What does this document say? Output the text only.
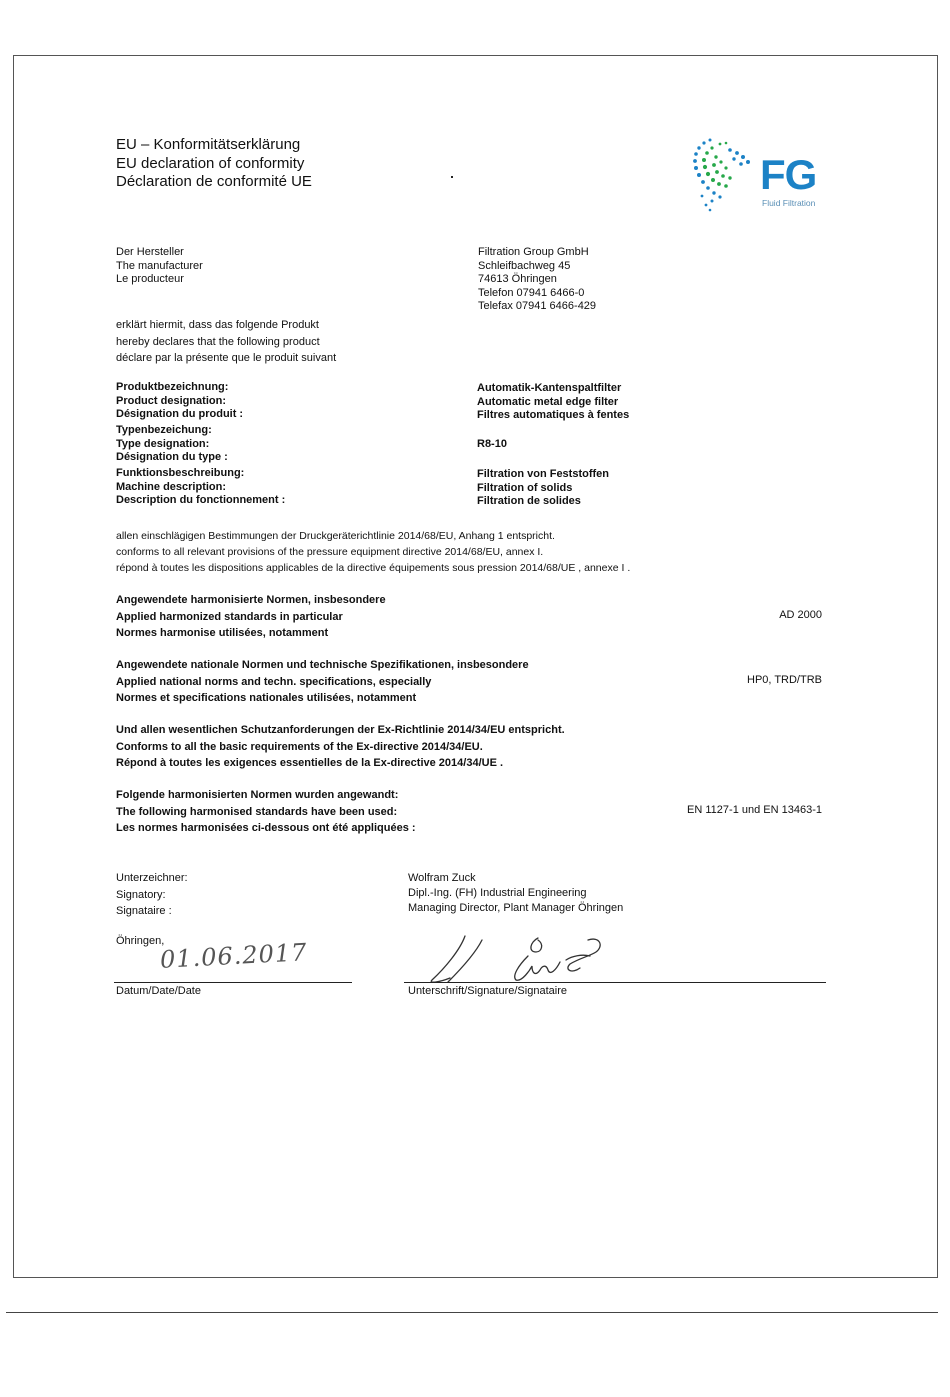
EU – Konformitätserklärung
EU declaration of conformity
Déclaration de conformité UE	FG
Fluid Filtration
Der Hersteller
The manufacturer
Le producteur
Filtration Group GmbH
Schleifbachweg 45
74613 Öhringen
Telefon 07941 6466-0
Telefax 07941 6466-429
erklärt hiermit, dass das folgende Produkt
hereby declares that the following product
déclare par la présente que le produit suivant
Produktbezeichnung:
Product designation:
Désignation du produit :
Automatik-Kantenspaltfilter
Automatic metal edge filter
Filtres automatiques à fentes
Typenbezeichung:
Type designation:
Désignation du type :
R8-10
Funktionsbeschreibung:
Machine description:
Description du fonctionnement :
Filtration von Feststoffen
Filtration of solids
Filtration de solides
allen einschlägigen Bestimmungen der Druckgeräterichtlinie 2014/68/EU, Anhang 1 entspricht.
conforms to all relevant provisions of the pressure equipment directive 2014/68/EU, annex I.
répond à toutes les dispositions applicables de la directive équipements sous pression 2014/68/UE , annexe I .
Angewendete harmonisierte Normen, insbesondere
Applied harmonized standards in particular
Normes harmonise utilisées, notamment
AD 2000
Angewendete nationale Normen und technische Spezifikationen, insbesondere
Applied national norms and techn. specifications, especially
Normes et specifications nationales utilisées, notamment
HP0, TRD/TRB
Und allen wesentlichen Schutzanforderungen der Ex-Richtlinie 2014/34/EU entspricht.
Conforms to all the basic requirements of the Ex-directive 2014/34/EU.
Répond à toutes les exigences essentielles de la Ex-directive 2014/34/UE .
Folgende harmonisierten Normen wurden angewandt:
The following harmonised standards have been used:
Les normes harmonisées ci-dessous ont été appliquées :
EN 1127-1 und EN 13463-1
Unterzeichner:
Signatory:
Signataire :
Wolfram Zuck
Dipl.-Ing. (FH) Industrial Engineering
Managing Director, Plant Manager Öhringen
Öhringen,
01.06.2017
Datum/Date/Date	Unterschrift/Signature/Signataire
